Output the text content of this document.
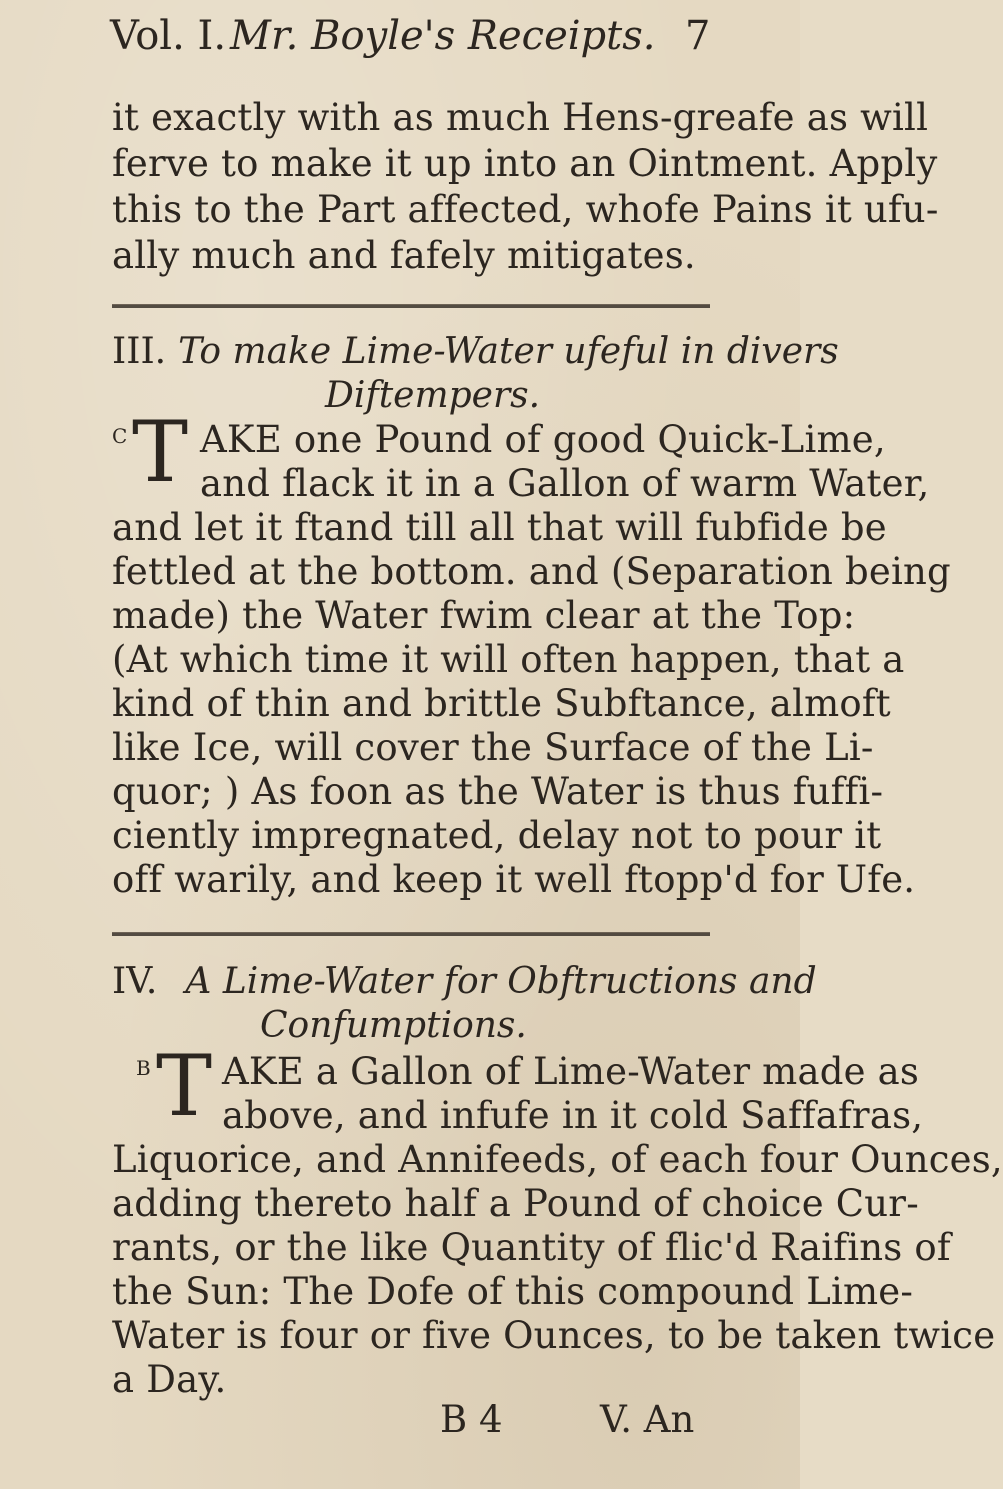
Vol. I. Mr. Boyle's Receipts. 7
it exactly with as much Hens-greafe as will
ferve to make it up into an Ointment. Apply
this to the Part affected, whofe Pains it ufu-
ally much and fafely mitigates.
III. To make Lime-Water ufeful in divers
Diftempers.
C T AKE one Pound of good Quick-Lime,
and flack it in a Gallon of warm Water,
and let it ftand till all that will fubfide be
fettled at the bottom. and (Separation being
made) the Water fwim clear at the Top:
(At which time it will often happen, that a
kind of thin and brittle Subftance, almoft
like Ice, will cover the Surface of the Li-
quor; ) As foon as the Water is thus fuffi-
ciently impregnated, delay not to pour it
off warily, and keep it well ftopp'd for Ufe.
IV. A Lime-Water for Obftructions and
Confumptions.
B T AKE a Gallon of Lime-Water made as
above, and infufe in it cold Saffafras,
Liquorice, and Annifeeds, of each four Ounces,
adding thereto half a Pound of choice Cur-
rants, or the like Quantity of flic'd Raifins of
the Sun: The Dofe of this compound Lime-
Water is four or five Ounces, to be taken twice
a Day.
B 4	V. An
